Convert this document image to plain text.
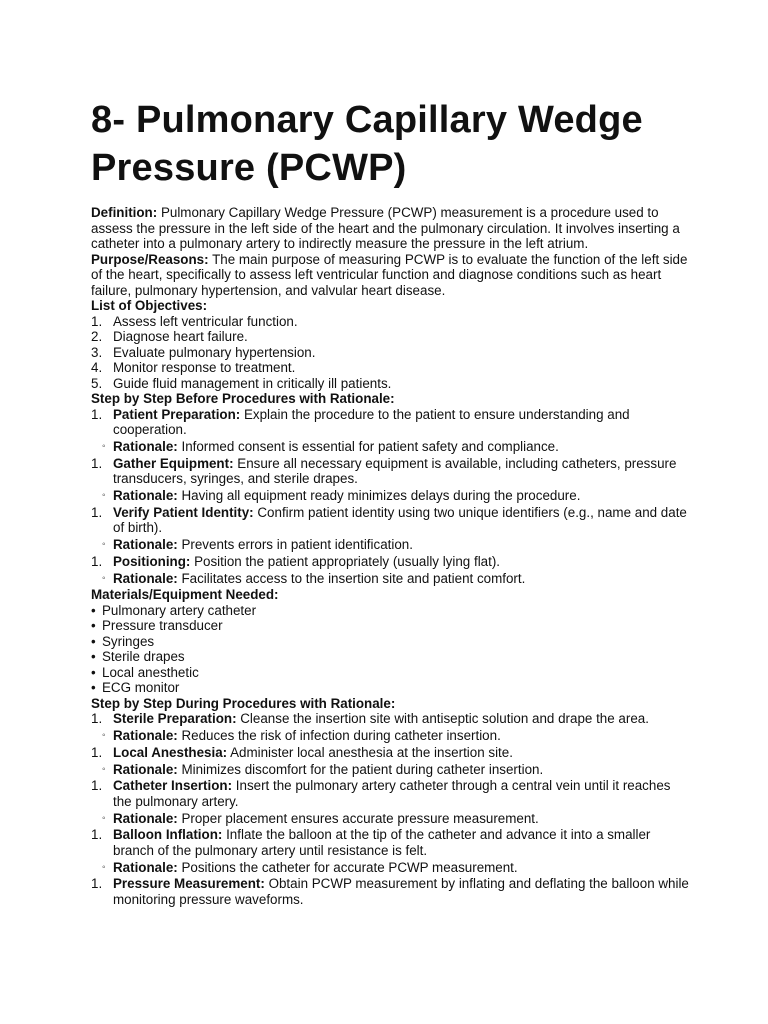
8- Pulmonary Capillary Wedge Pressure (PCWP)

Definition: Pulmonary Capillary Wedge Pressure (PCWP) measurement is a procedure used to assess the pressure in the left side of the heart and the pulmonary circulation. It involves inserting a catheter into a pulmonary artery to indirectly measure the pressure in the left atrium.

Purpose/Reasons: The main purpose of measuring PCWP is to evaluate the function of the left side of the heart, specifically to assess left ventricular function and diagnose conditions such as heart failure, pulmonary hypertension, and valvular heart disease.

List of Objectives:
1. Assess left ventricular function.
2. Diagnose heart failure.
3. Evaluate pulmonary hypertension.
4. Monitor response to treatment.
5. Guide fluid management in critically ill patients.
Step by Step Before Procedures with Rationale:
1. Patient Preparation: Explain the procedure to the patient to ensure understanding and cooperation.
◦ Rationale: Informed consent is essential for patient safety and compliance.
1. Gather Equipment: Ensure all necessary equipment is available, including catheters, pressure transducers, syringes, and sterile drapes.
◦ Rationale: Having all equipment ready minimizes delays during the procedure.
1. Verify Patient Identity: Confirm patient identity using two unique identifiers (e.g., name and date of birth).
◦ Rationale: Prevents errors in patient identification.
1. Positioning: Position the patient appropriately (usually lying flat).
◦ Rationale: Facilitates access to the insertion site and patient comfort.
Materials/Equipment Needed:
• Pulmonary artery catheter
• Pressure transducer
• Syringes
• Sterile drapes
• Local anesthetic
• ECG monitor
Step by Step During Procedures with Rationale:
1. Sterile Preparation: Cleanse the insertion site with antiseptic solution and drape the area.
◦ Rationale: Reduces the risk of infection during catheter insertion.
1. Local Anesthesia: Administer local anesthesia at the insertion site.
◦ Rationale: Minimizes discomfort for the patient during catheter insertion.
1. Catheter Insertion: Insert the pulmonary artery catheter through a central vein until it reaches the pulmonary artery.
◦ Rationale: Proper placement ensures accurate pressure measurement.
1. Balloon Inflation: Inflate the balloon at the tip of the catheter and advance it into a smaller branch of the pulmonary artery until resistance is felt.
◦ Rationale: Positions the catheter for accurate PCWP measurement.
1. Pressure Measurement: Obtain PCWP measurement by inflating and deflating the balloon while monitoring pressure waveforms.
